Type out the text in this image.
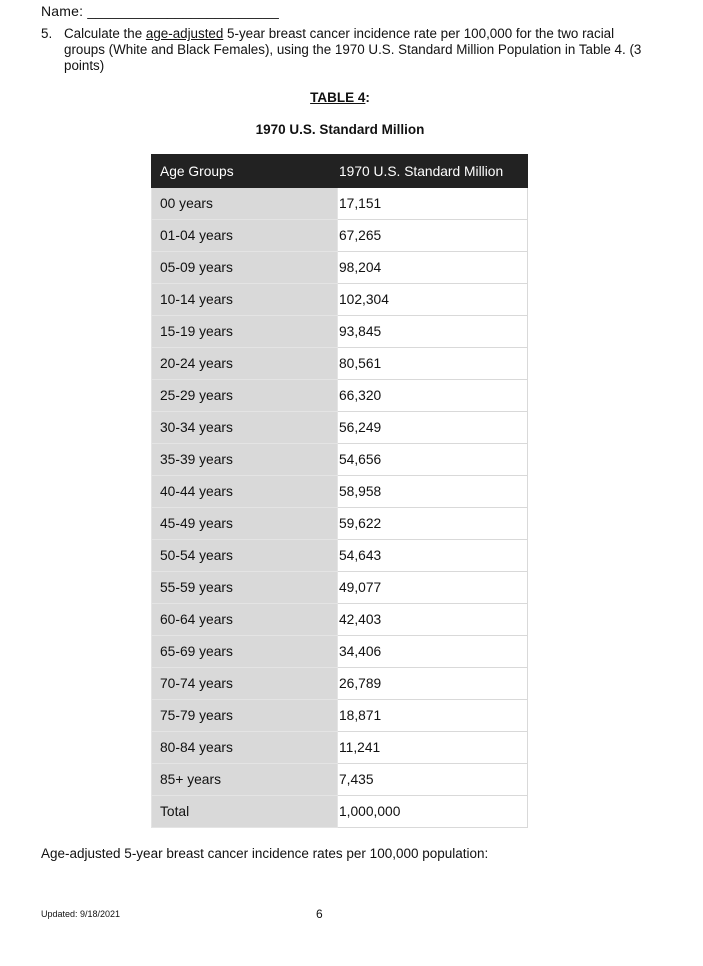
Name: ________________________
5. Calculate the age-adjusted 5-year breast cancer incidence rate per 100,000 for the two racial groups (White and Black Females), using the 1970 U.S. Standard Million Population in Table 4. (3 points)
TABLE 4:
1970 U.S. Standard Million
Age Groups	1970 U.S. Standard Million
00 years	17,151
01-04 years	67,265
05-09 years	98,204
10-14 years	102,304
15-19 years	93,845
20-24 years	80,561
25-29 years	66,320
30-34 years	56,249
35-39 years	54,656
40-44 years	58,958
45-49 years	59,622
50-54 years	54,643
55-59 years	49,077
60-64 years	42,403
65-69 years	34,406
70-74 years	26,789
75-79 years	18,871
80-84 years	11,241
85+ years	7,435
Total	1,000,000
Age-adjusted 5-year breast cancer incidence rates per 100,000 population:
Updated: 9/18/2021	6
